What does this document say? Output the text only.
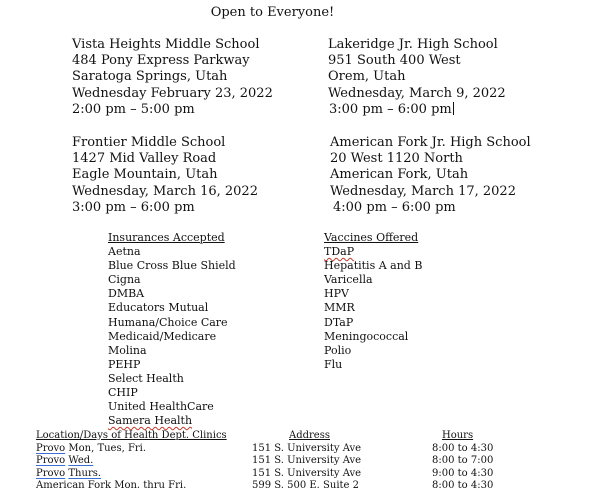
Open to Everyone!
Vista Heights Middle School
484 Pony Express Parkway
Saratoga Springs, Utah
Wednesday February 23, 2022
2:00 pm – 5:00 pm
Lakeridge Jr. High School
951 South 400 West
Orem, Utah
Wednesday, March 9, 2022
3:00 pm – 6:00 pm
Frontier Middle School
1427 Mid Valley Road
Eagle Mountain, Utah
Wednesday, March 16, 2022
3:00 pm – 6:00 pm
American Fork Jr. High School
20 West 1120 North
American Fork, Utah
Wednesday, March 17, 2022
4:00 pm – 6:00 pm
Insurances Accepted
Aetna
Blue Cross Blue Shield
Cigna
DMBA
Educators Mutual
Humana/Choice Care
Medicaid/Medicare
Molina
PEHP
Select Health
CHIP
United HealthCare
Samera Health
Vaccines Offered
TDaP
Hepatitis A and B
Varicella
HPV
MMR
DTaP
Meningococcal
Polio
Flu
Location/Days of Health Dept. Clinics
Provo Mon, Tues, Fri.
Provo Wed.
Provo Thurs.
American Fork Mon. thru Fri.
Address
151 S. University Ave
151 S. University Ave
151 S. University Ave
599 S. 500 E. Suite 2
Hours
8:00 to 4:30
8:00 to 7:00
9:00 to 4:30
8:00 to 4:30
